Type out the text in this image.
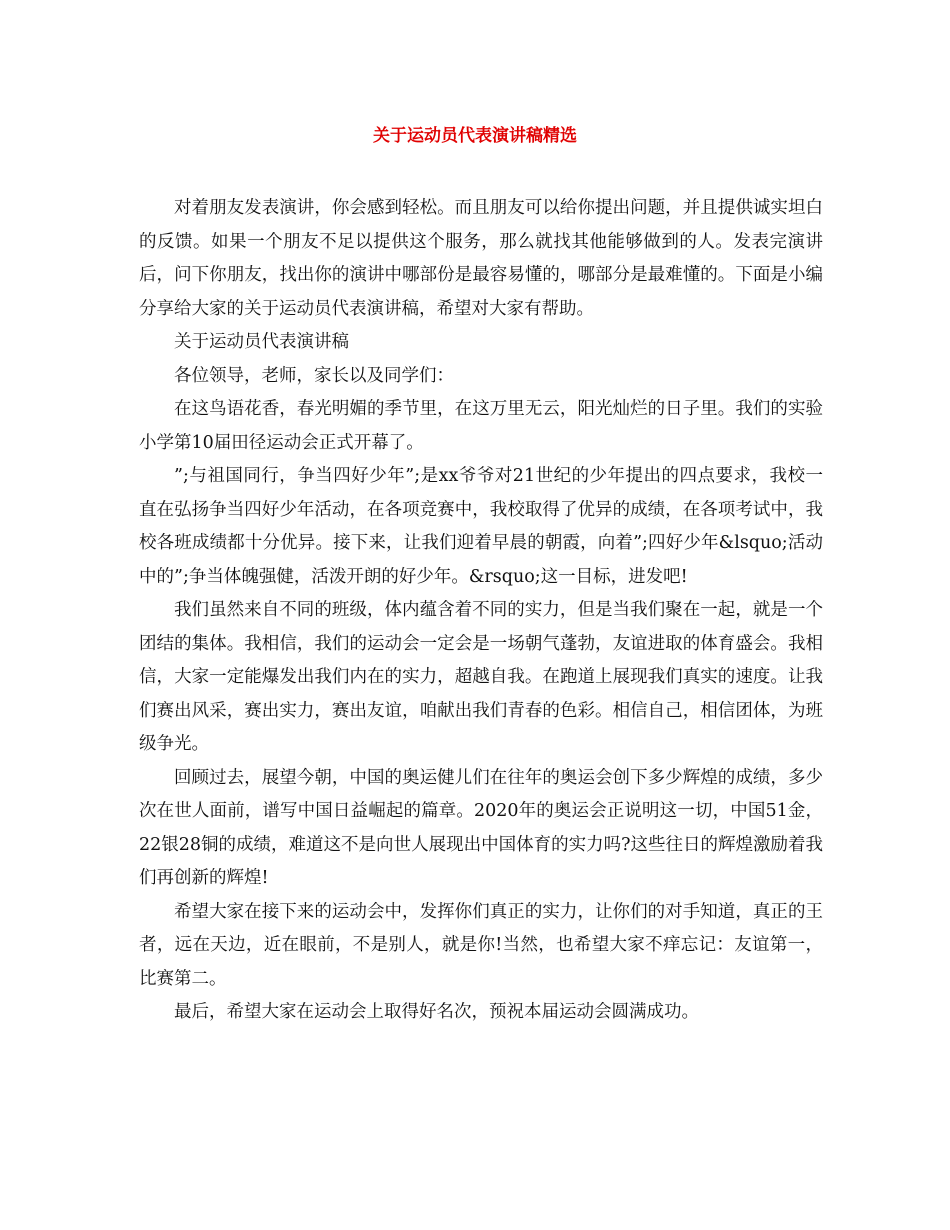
关于运动员代表演讲稿精选

对着朋友发表演讲，你会感到轻松。而且朋友可以给你提出问题，并且提供诚实坦白的反馈。如果一个朋友不足以提供这个服务，那么就找其他能够做到的人。发表完演讲后，问下你朋友，找出你的演讲中哪部份是最容易懂的，哪部分是最难懂的。下面是小编分享给大家的关于运动员代表演讲稿，希望对大家有帮助。

关于运动员代表演讲稿

各位领导，老师，家长以及同学们：

在这鸟语花香，春光明媚的季节里，在这万里无云，阳光灿烂的日子里。我们的实验小学第10届田径运动会正式开幕了。

”;与祖国同行，争当四好少年”;是xx爷爷对21世纪的少年提出的四点要求，我校一直在弘扬争当四好少年活动，在各项竞赛中，我校取得了优异的成绩，在各项考试中，我校各班成绩都十分优异。接下来，让我们迎着早晨的朝霞，向着”;四好少年&lsquo;活动中的”;争当体魄强健，活泼开朗的好少年。&rsquo;这一目标，进发吧!

我们虽然来自不同的班级，体内蕴含着不同的实力，但是当我们聚在一起，就是一个团结的集体。我相信，我们的运动会一定会是一场朝气蓬勃，友谊进取的体育盛会。我相信，大家一定能爆发出我们内在的实力，超越自我。在跑道上展现我们真实的速度。让我们赛出风采，赛出实力，赛出友谊，咱献出我们青春的色彩。相信自己，相信团体，为班级争光。

回顾过去，展望今朝，中国的奥运健儿们在往年的奥运会创下多少辉煌的成绩，多少次在世人面前，谱写中国日益崛起的篇章。2020年的奥运会正说明这一切，中国51金，22银28铜的成绩，难道这不是向世人展现出中国体育的实力吗?这些往日的辉煌激励着我们再创新的辉煌!

希望大家在接下来的运动会中，发挥你们真正的实力，让你们的对手知道，真正的王者，远在天边，近在眼前，不是别人，就是你!当然，也希望大家不痒忘记：友谊第一，比赛第二。

最后，希望大家在运动会上取得好名次，预祝本届运动会圆满成功。
